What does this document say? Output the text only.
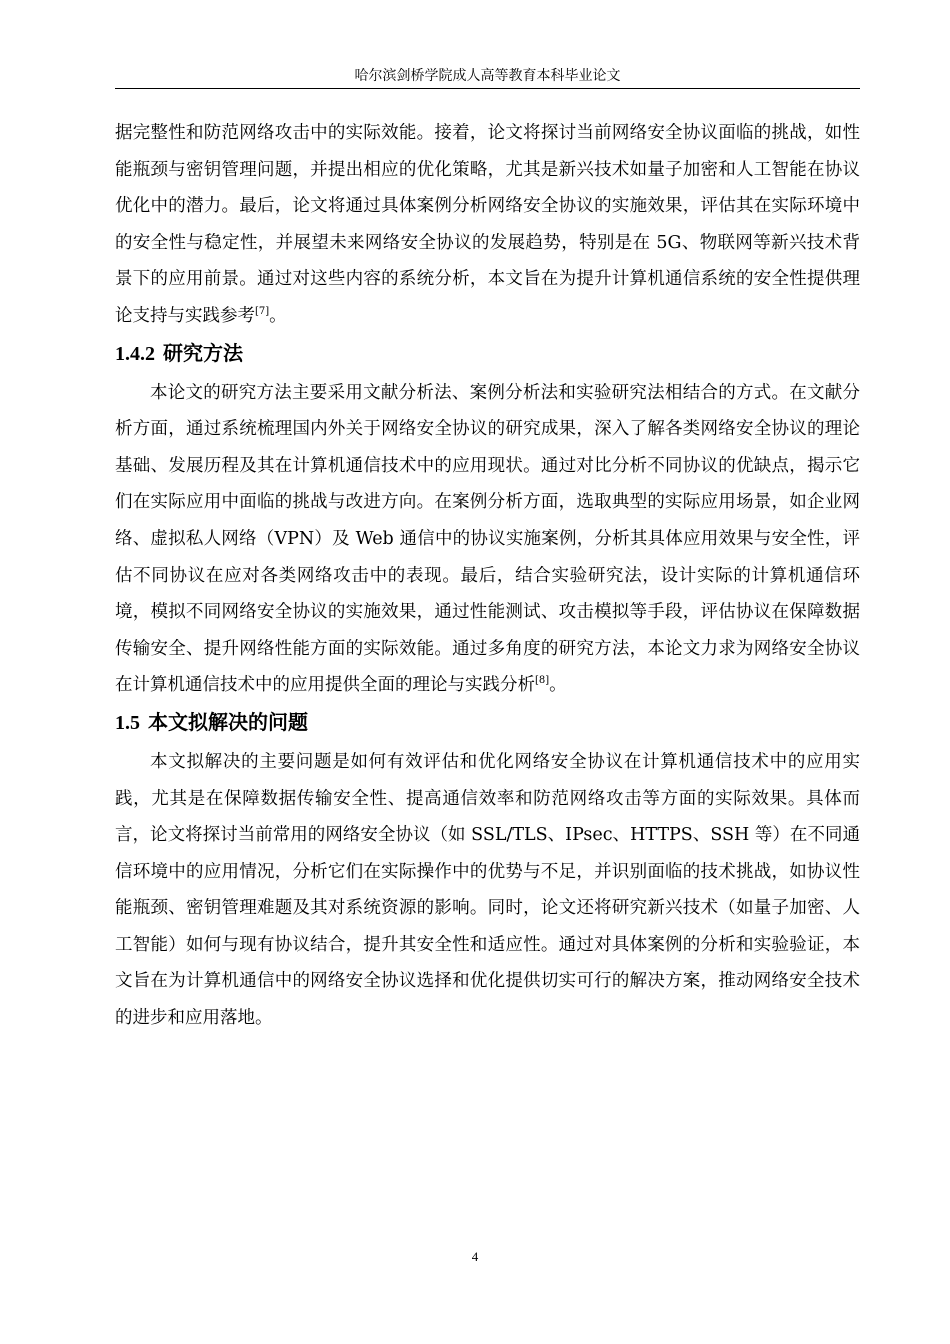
哈尔滨剑桥学院成人高等教育本科毕业论文

据完整性和防范网络攻击中的实际效能。接着，论文将探讨当前网络安全协议面临的挑战，如性能瓶颈与密钥管理问题，并提出相应的优化策略，尤其是新兴技术如量子加密和人工智能在协议优化中的潜力。最后，论文将通过具体案例分析网络安全协议的实施效果，评估其在实际环境中的安全性与稳定性，并展望未来网络安全协议的发展趋势，特别是在 5G、物联网等新兴技术背景下的应用前景。通过对这些内容的系统分析，本文旨在为提升计算机通信系统的安全性提供理论支持与实践参考[7]。

1.4.2 研究方法

本论文的研究方法主要采用文献分析法、案例分析法和实验研究法相结合的方式。在文献分析方面，通过系统梳理国内外关于网络安全协议的研究成果，深入了解各类网络安全协议的理论基础、发展历程及其在计算机通信技术中的应用现状。通过对比分析不同协议的优缺点，揭示它们在实际应用中面临的挑战与改进方向。在案例分析方面，选取典型的实际应用场景，如企业网络、虚拟私人网络（VPN）及 Web 通信中的协议实施案例，分析其具体应用效果与安全性，评估不同协议在应对各类网络攻击中的表现。最后，结合实验研究法，设计实际的计算机通信环境，模拟不同网络安全协议的实施效果，通过性能测试、攻击模拟等手段，评估协议在保障数据传输安全、提升网络性能方面的实际效能。通过多角度的研究方法，本论文力求为网络安全协议在计算机通信技术中的应用提供全面的理论与实践分析[8]。

1.5 本文拟解决的问题

本文拟解决的主要问题是如何有效评估和优化网络安全协议在计算机通信技术中的应用实践，尤其是在保障数据传输安全性、提高通信效率和防范网络攻击等方面的实际效果。具体而言，论文将探讨当前常用的网络安全协议（如 SSL/TLS、IPsec、HTTPS、SSH 等）在不同通信环境中的应用情况，分析它们在实际操作中的优势与不足，并识别面临的技术挑战，如协议性能瓶颈、密钥管理难题及其对系统资源的影响。同时，论文还将研究新兴技术（如量子加密、人工智能）如何与现有协议结合，提升其安全性和适应性。通过对具体案例的分析和实验验证，本文旨在为计算机通信中的网络安全协议选择和优化提供切实可行的解决方案，推动网络安全技术的进步和应用落地。

4
